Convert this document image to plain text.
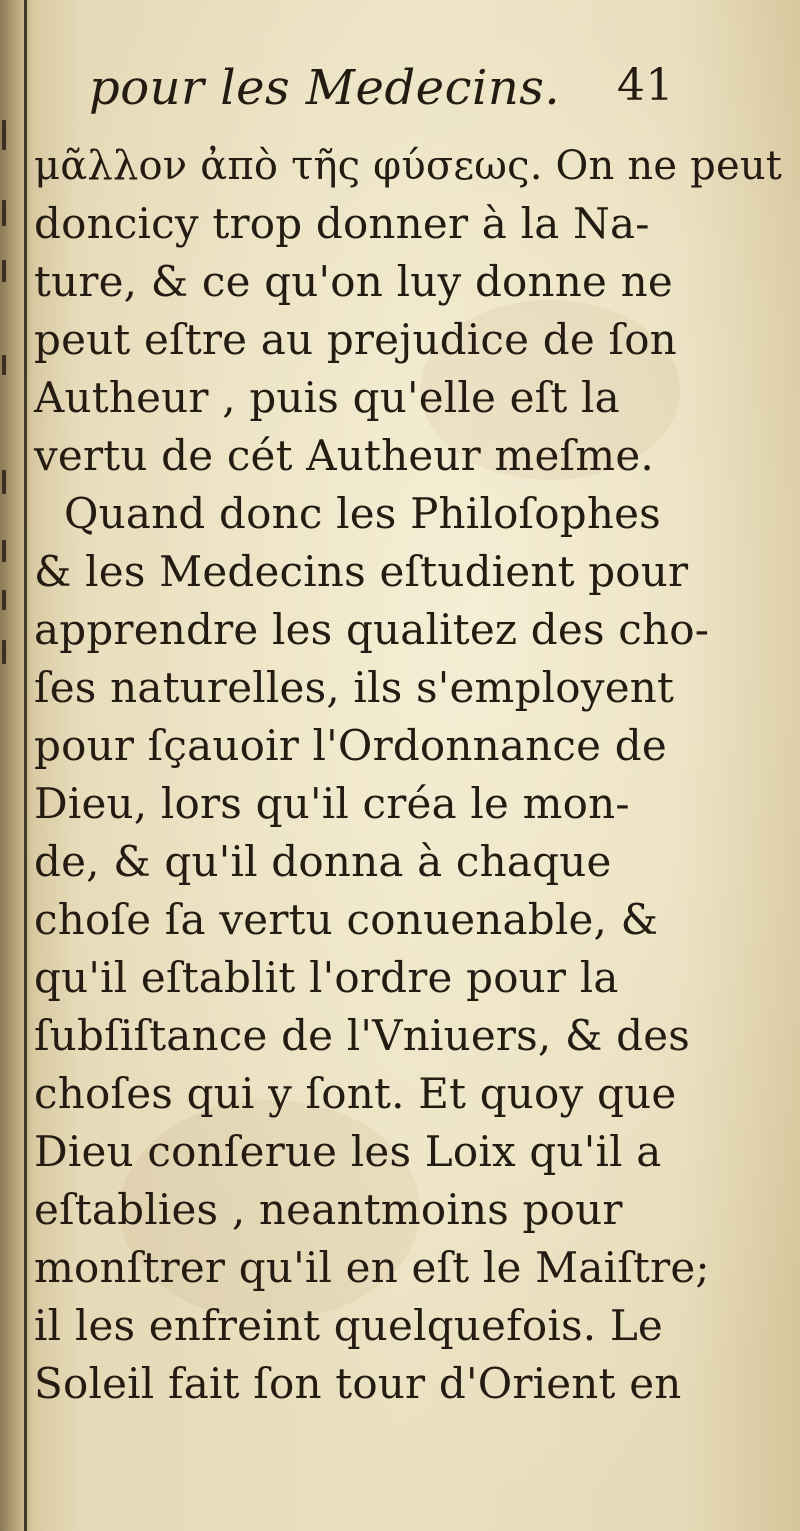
pour les Medecins. 41
μᾶλλον ἀπὸ τῆς φύσεως. On ne peut
doncicy trop donner à la Na-
ture, & ce qu'on luy donne ne
peut eſtre au prejudice de ſon
Autheur , puis qu'elle eſt la
vertu de cét Autheur meſme.
Quand donc les Philoſophes
& les Medecins eſtudient pour
apprendre les qualitez des cho-
ſes naturelles, ils s'employent
pour ſçauoir l'Ordonnance de
Dieu, lors qu'il créa le mon-
de, & qu'il donna à chaque
choſe ſa vertu conuenable, &
qu'il eſtablit l'ordre pour la
ſubſiſtance de l'Vniuers, & des
choſes qui y ſont. Et quoy que
Dieu conſerue les Loix qu'il a
eſtablies , neantmoins pour
monſtrer qu'il en eſt le Maiſtre;
il les enfreint quelquefois. Le
Soleil fait ſon tour d'Orient en
